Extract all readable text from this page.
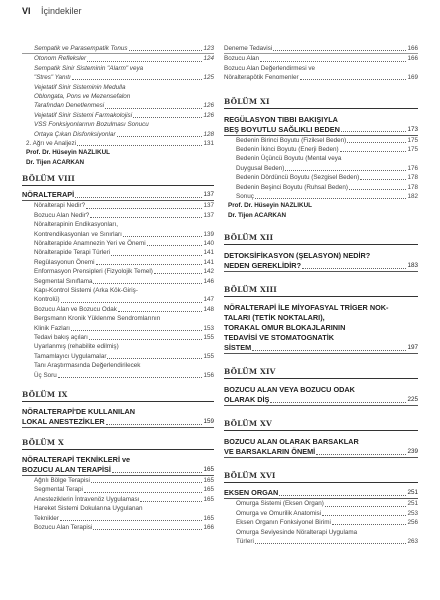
VI İçindekiler
Sempatik ve Parasempatik Tonus	123
Otonom Refleksler	124
Sempatik Sinir Sisteminin "Alarm" veya
"Stres" Yanıtı	125
Vejetatif Sinir Sisteminin Medulla
Oblongata, Pons ve Mezensefalon
Tarafından Denetlenmesi	126
Vejetatif Sinir Sistemi Farmakolojisi	126
VSS Fonksiyonlarının Bozulması Sonucu
Ortaya Çıkan Disfonksiyonlar	128
2. Ağrı ve Analjezi	131
Prof. Dr. Hüseyin NAZLIKUL
Dr. Tijen ACARKAN
BÖLÜM VIII
NÖRALTERAPİ	137
Nöralterapi Nedir?	137
Bozucu Alan Nedir?	137
Nöralterapinin Endikasyonları,
Kontrendikasyonları ve Sınırları	139
Nöralterapide Anamnezin Yeri ve Önemi	140
Nöralterapide Terapi Türleri	141
Regülasyonun Önemi	141
Enformasyon Prensipleri (Fizyolojik Temel)	142
Segmental Sınıflama	146
Kapı-Kontrol Sistemi (Arka Kök-Giriş-
Kontrolü)	147
Bozucu Alan ve Bozucu Odak	148
Bergsmann Kronik Yüklenme Sendromlarının
Klinik Fazları	153
Tedavi bakış açıları	155
Uyarlanmış (rehabilite edilmiş)
Tamamlayıcı Uygulamalar	155
Tanı Araştırmasında Değerlendirilecek
Üç Soru	156
BÖLÜM IX
NÖRALTERAPİ'DE KULLANILAN
LOKAL ANESTEZİKLER	159
BÖLÜM X
NÖRALTERAPİ TEKNİKLERİ ve
BOZUCU ALAN TERAPİSİ	165
Ağrılı Bölge Terapisi	165
Segmental Terapi	165
Anesteziklerin İntravenöz Uygulaması	165
Hareket Sistemi Dokularına Uygulanan
Teknikler	165
Bozucu Alan Terapisi	166
Deneme Tedavisi	166
Bozucu Alan	166
Bozucu Alan Değerlendirmesi ve
Nöralterapötik Fenomenler	169
BÖLÜM XI
REGÜLASYON TIBBI BAKIŞIYLA
BEŞ BOYUTLU SAĞLIKLI BEDEN	173
Bedenin Birinci Boyutu (Fiziksel Beden)	175
Bedenin İkinci Boyutu (Enerji Beden)	175
Bedenin Üçüncü Boyutu (Mental veya
Duygusal Beden)	176
Bedenin Dördüncü Boyutu (Sezgisel Beden)	178
Bedenin Beşinci Boyutu (Ruhsal Beden)	178
Sonuç	182
Prof. Dr. Hüseyin NAZLIKUL
Dr. Tijen ACARKAN
BÖLÜM XII
DETOKSİFİKASYON (ŞELASYON) NEDİR?
NEDEN GEREKLİDİR?	183
BÖLÜM XIII
NÖRALTERAPİ İLE MİYOFASYAL TRİGER NOK-
TALARI (TETİK NOKTALARI),
TORAKAL OMUR BLOKAJLARININ
TEDAVİSİ VE STOMATOGNATİK
SİSTEM	197
BÖLÜM XIV
BOZUCU ALAN VEYA BOZUCU ODAK
OLARAK DİŞ	225
BÖLÜM XV
BOZUCU ALAN OLARAK BARSAKLAR
VE BARSAKLARIN ÖNEMİ	239
BÖLÜM XVI
EKSEN ORGAN	251
Omurga Sistemi (Eksen Organ)	251
Omurga ve Omurilik Anatomisi	253
Eksen Organın Fonksiyonel Birimi	256
Omurga Seviyesinde Nöralterapi Uygulama
Türleri	263
